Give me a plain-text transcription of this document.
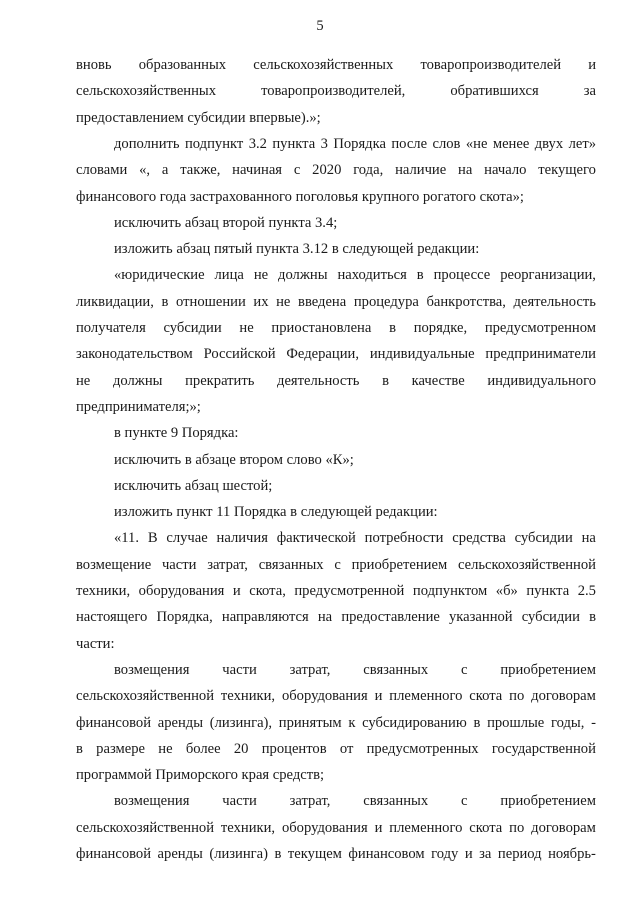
5
вновь образованных сельскохозяйственных товаропроизводителей и
сельскохозяйственных	товаропроизводителей,	обратившихся	за
предоставлением субсидии впервые).»;
дополнить подпункт 3.2 пункта 3 Порядка после слов «не менее двух лет»
словами «, а также, начиная с 2020 года, наличие на начало текущего
финансового года застрахованного поголовья крупного рогатого скота»;
исключить абзац второй пункта 3.4;
изложить абзац пятый пункта 3.12 в следующей редакции:
«юридические лица не должны находиться в процессе реорганизации,
ликвидации, в отношении их не введена процедура банкротства, деятельность
получателя субсидии не приостановлена в порядке, предусмотренном
законодательством Российской Федерации, индивидуальные предприниматели
не должны прекратить деятельность в качестве индивидуального
предпринимателя;»;
в пункте 9 Порядка:
исключить в абзаце втором слово «К»;
исключить абзац шестой;
изложить пункт 11 Порядка в следующей редакции:
«11. В случае наличия фактической потребности средства субсидии на
возмещение части затрат, связанных с приобретением сельскохозяйственной
техники, оборудования и скота, предусмотренной подпунктом «б» пункта 2.5
настоящего Порядка, направляются на предоставление указанной субсидии в
части:
возмещения части затрат, связанных с приобретением
сельскохозяйственной техники, оборудования и племенного скота по договорам
финансовой аренды (лизинга), принятым к субсидированию в прошлые годы, -
в размере не более 20 процентов от предусмотренных государственной
программой Приморского края средств;
возмещения части затрат, связанных с приобретением
сельскохозяйственной техники, оборудования и племенного скота по договорам
финансовой аренды (лизинга) в текущем финансовом году и за период ноябрь-
